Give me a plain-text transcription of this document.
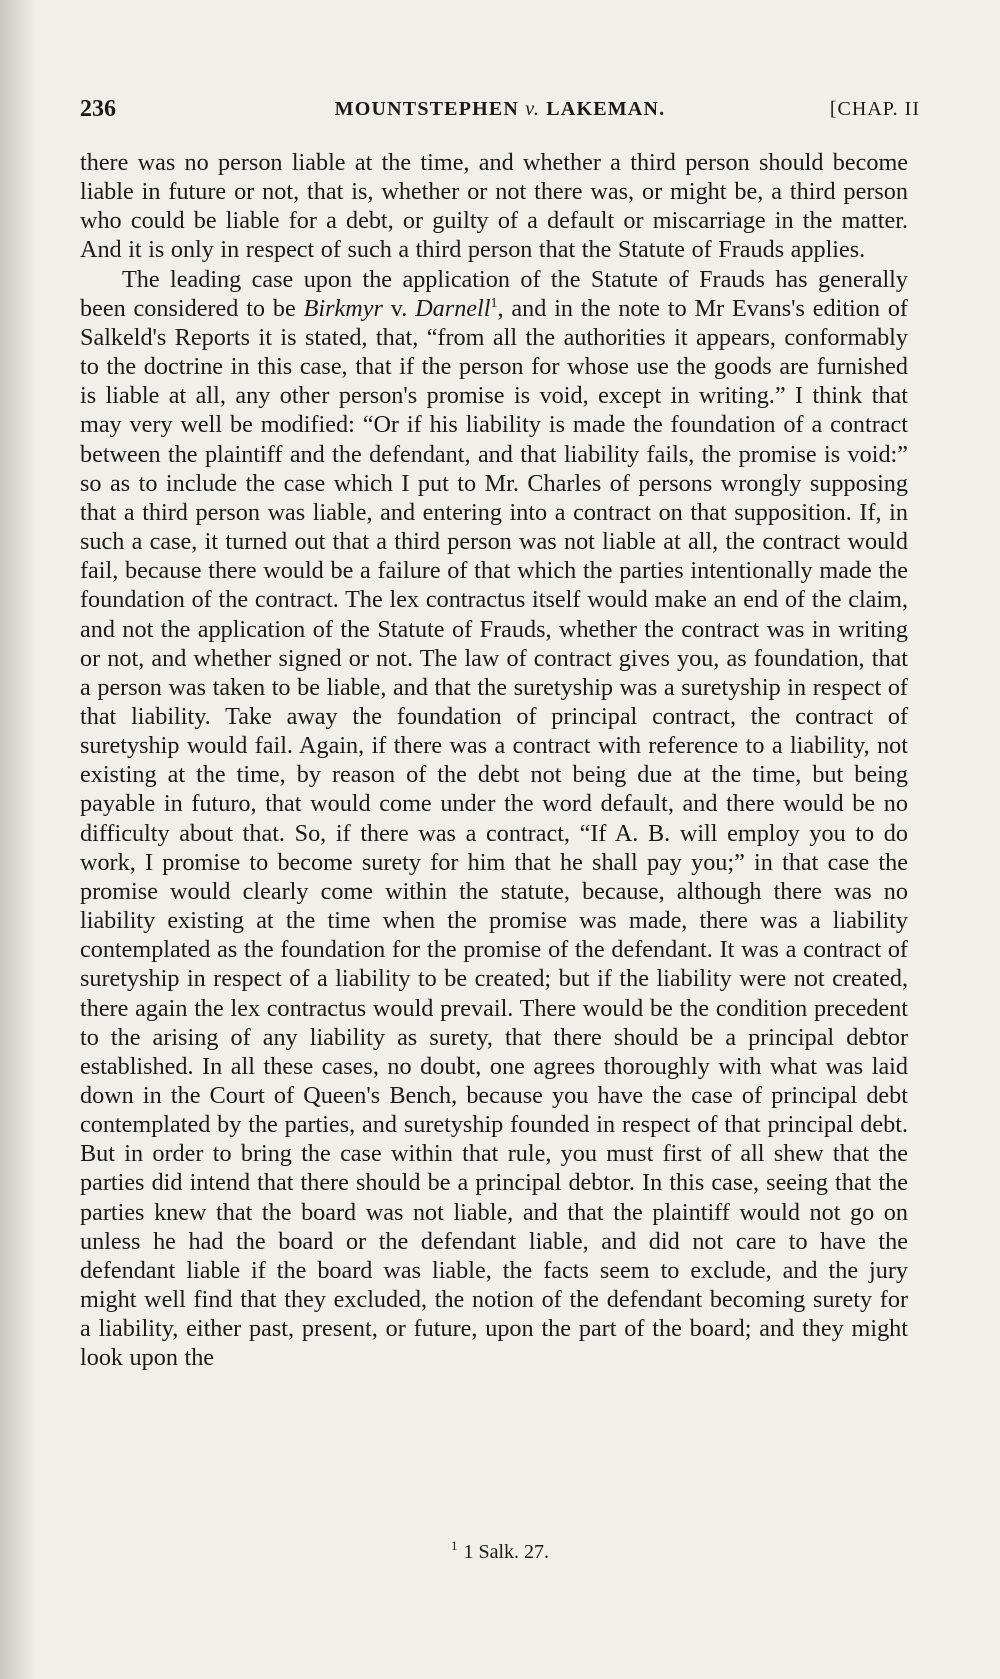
236	MOUNTSTEPHEN v. LAKEMAN.	[CHAP. II

there was no person liable at the time, and whether a third person should become liable in future or not, that is, whether or not there was, or might be, a third person who could be liable for a debt, or guilty of a default or miscarriage in the matter. And it is only in respect of such a third person that the Statute of Frauds applies.

The leading case upon the application of the Statute of Frauds has generally been considered to be Birkmyr v. Darnell$^1$, and in the note to Mr Evans's edition of Salkeld's Reports it is stated, that, “from all the authorities it appears, conformably to the doctrine in this case, that if the person for whose use the goods are furnished is liable at all, any other person's promise is void, except in writing.” I think that may very well be modified: “Or if his liability is made the foundation of a contract between the plaintiff and the defendant, and that liability fails, the promise is void:” so as to include the case which I put to Mr. Charles of persons wrongly supposing that a third person was liable, and entering into a contract on that supposition. If, in such a case, it turned out that a third person was not liable at all, the contract would fail, because there would be a failure of that which the parties intentionally made the foundation of the contract. The lex contractus itself would make an end of the claim, and not the application of the Statute of Frauds, whether the contract was in writing or not, and whether signed or not. The law of contract gives you, as foundation, that a person was taken to be liable, and that the suretyship was a suretyship in respect of that liability. Take away the foundation of principal contract, the contract of suretyship would fail. Again, if there was a contract with reference to a liability, not existing at the time, by reason of the debt not being due at the time, but being payable in futuro, that would come under the word default, and there would be no difficulty about that. So, if there was a contract, “If A. B. will employ you to do work, I promise to become surety for him that he shall pay you;” in that case the promise would clearly come within the statute, because, although there was no liability existing at the time when the promise was made, there was a liability contemplated as the foundation for the promise of the defendant. It was a contract of suretyship in respect of a liability to be created; but if the liability were not created, there again the lex contractus would prevail. There would be the condition precedent to the arising of any liability as surety, that there should be a principal debtor established. In all these cases, no doubt, one agrees thoroughly with what was laid down in the Court of Queen's Bench, because you have the case of principal debt contemplated by the parties, and suretyship founded in respect of that principal debt. But in order to bring the case within that rule, you must first of all shew that the parties did intend that there should be a principal debtor. In this case, seeing that the parties knew that the board was not liable, and that the plaintiff would not go on unless he had the board or the defendant liable, and did not care to have the defendant liable if the board was liable, the facts seem to exclude, and the jury might well find that they excluded, the notion of the defendant becoming surety for a liability, either past, present, or future, upon the part of the board; and they might look upon the

$^1$ 1 Salk. 27.
